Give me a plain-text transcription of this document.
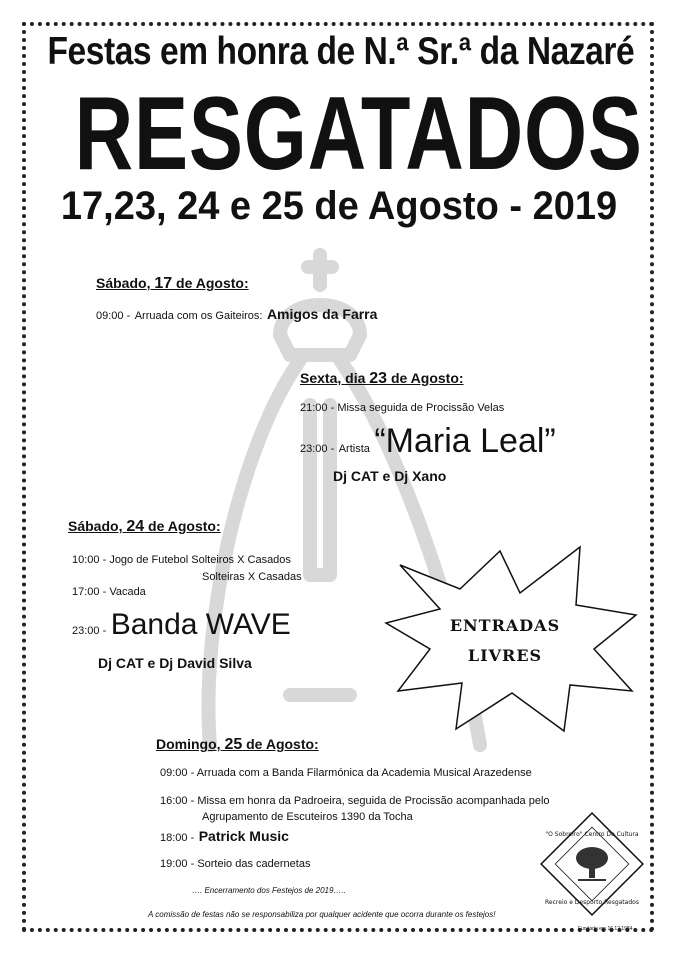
Festas em honra de N.ª Sr.ª da Nazaré
RESGATADOS
17,23, 24 e 25 de Agosto - 2019
Sábado, 17 de Agosto:
09:00 - Arruada com os Gaiteiros: Amigos da Farra
Sexta, dia 23 de Agosto:
21:00 - Missa seguida de Procissão Velas
23:00 - Artista “Maria Leal”
Dj CAT e Dj Xano
Sábado, 24 de Agosto:
10:00 - Jogo de Futebol Solteiros X Casados
Solteiras X Casadas
17:00 - Vacada
23:00 - Banda WAVE
Dj CAT e Dj David Silva
ENTRADAS
LIVRES
Domingo, 25 de Agosto:
09:00 - Arruada com a Banda Filarmónica da Academia Musical Arazedense
16:00 - Missa em honra da Padroeira, seguida de Procissão acompanhada pelo
Agrupamento de Escuteiros 1390 da Tocha
18:00 - Patrick Music
19:00 - Sorteio das cadernetas
…. Encerramento dos Festejos de 2019…..
A comissão de festas não se responsabiliza por qualquer acidente que ocorra durante os festejos!
"O Sobreiro" Centro De Cultura
Recreio e Desporto Resgatados
Fundado em 16.12.1984
